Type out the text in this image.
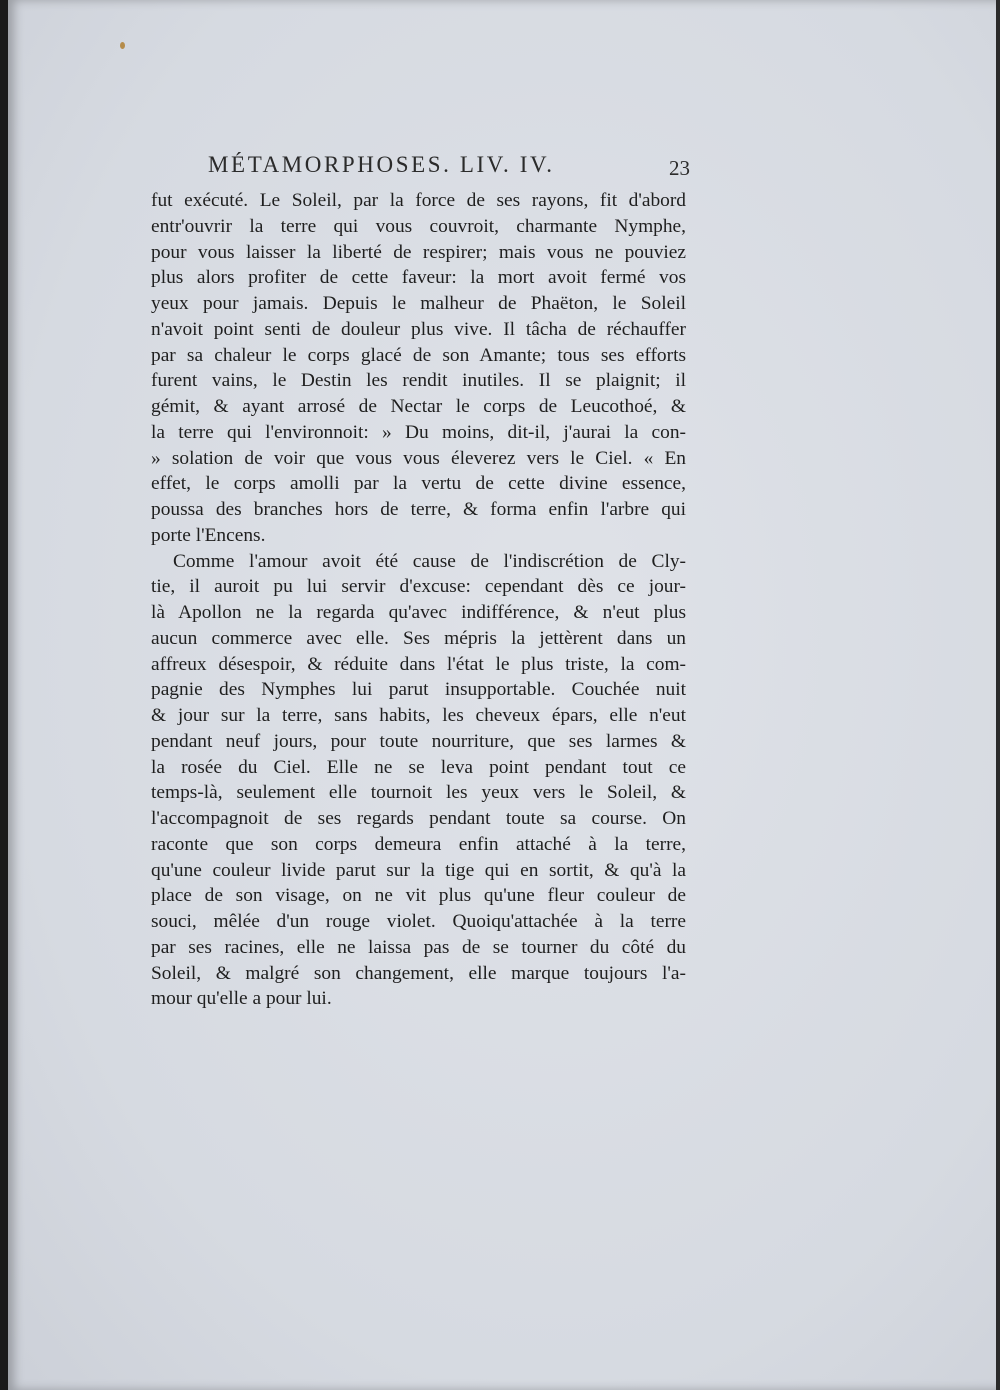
MÉTAMORPHOSES. LIV. IV.	23

fut exécuté. Le Soleil, par la force de ses rayons, fit d'abord
entr'ouvrir la terre qui vous couvroit, charmante Nymphe,
pour vous laisser la liberté de respirer; mais vous ne pouviez
plus alors profiter de cette faveur: la mort avoit fermé vos
yeux pour jamais. Depuis le malheur de Phaëton, le Soleil
n'avoit point senti de douleur plus vive. Il tâcha de réchauffer
par sa chaleur le corps glacé de son Amante; tous ses efforts
furent vains, le Destin les rendit inutiles. Il se plaignit; il
gémit, & ayant arrosé de Nectar le corps de Leucothoé, &
la terre qui l'environnoit: » Du moins, dit-il, j'aurai la con-
» solation de voir que vous vous éleverez vers le Ciel. « En
effet, le corps amolli par la vertu de cette divine essence,
poussa des branches hors de terre, & forma enfin l'arbre qui
porte l'Encens.

Comme l'amour avoit été cause de l'indiscrétion de Cly-
tie, il auroit pu lui servir d'excuse: cependant dès ce jour-
là Apollon ne la regarda qu'avec indifférence, & n'eut plus
aucun commerce avec elle. Ses mépris la jettèrent dans un
affreux désespoir, & réduite dans l'état le plus triste, la com-
pagnie des Nymphes lui parut insupportable. Couchée nuit
& jour sur la terre, sans habits, les cheveux épars, elle n'eut
pendant neuf jours, pour toute nourriture, que ses larmes &
la rosée du Ciel. Elle ne se leva point pendant tout ce
temps-là, seulement elle tournoit les yeux vers le Soleil, &
l'accompagnoit de ses regards pendant toute sa course. On
raconte que son corps demeura enfin attaché à la terre,
qu'une couleur livide parut sur la tige qui en sortit, & qu'à la
place de son visage, on ne vit plus qu'une fleur couleur de
souci, mêlée d'un rouge violet. Quoiqu'attachée à la terre
par ses racines, elle ne laissa pas de se tourner du côté du
Soleil, & malgré son changement, elle marque toujours l'a-
mour qu'elle a pour lui.
